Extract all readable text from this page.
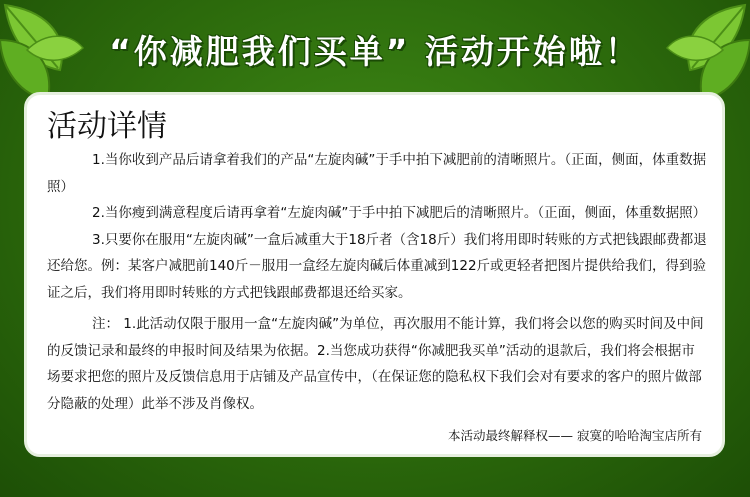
“你减肥我们买单” 活动开始啦！
活动详情

1.当你收到产品后请拿着我们的产品“左旋肉碱”于手中拍下减肥前的清晰照片。（正面，侧面，体重数据照）

2.当你瘦到满意程度后请再拿着“左旋肉碱”于手中拍下减肥后的清晰照片。（正面，侧面，体重数据照）

3.只要你在服用“左旋肉碱”一盒后减重大于18斤者（含18斤）我们将用即时转账的方式把钱跟邮费都退还给您。例：某客户减肥前140斤－服用一盒经左旋肉碱后体重减到122斤或更轻者把图片提供给我们，得到验证之后，我们将用即时转账的方式把钱跟邮费都退还给买家。

注： 1.此活动仅限于服用一盒“左旋肉碱”为单位，再次服用不能计算，我们将会以您的购买时间及中间的反馈记录和最终的申报时间及结果为依据。2.当您成功获得“你减肥我买单”活动的退款后，我们将会根据市场要求把您的照片及反馈信息用于店铺及产品宣传中，（在保证您的隐私权下我们会对有要求的客户的照片做部分隐蔽的处理）此举不涉及肖像权。

本活动最终解释权—— 寂寞的哈哈淘宝店所有
